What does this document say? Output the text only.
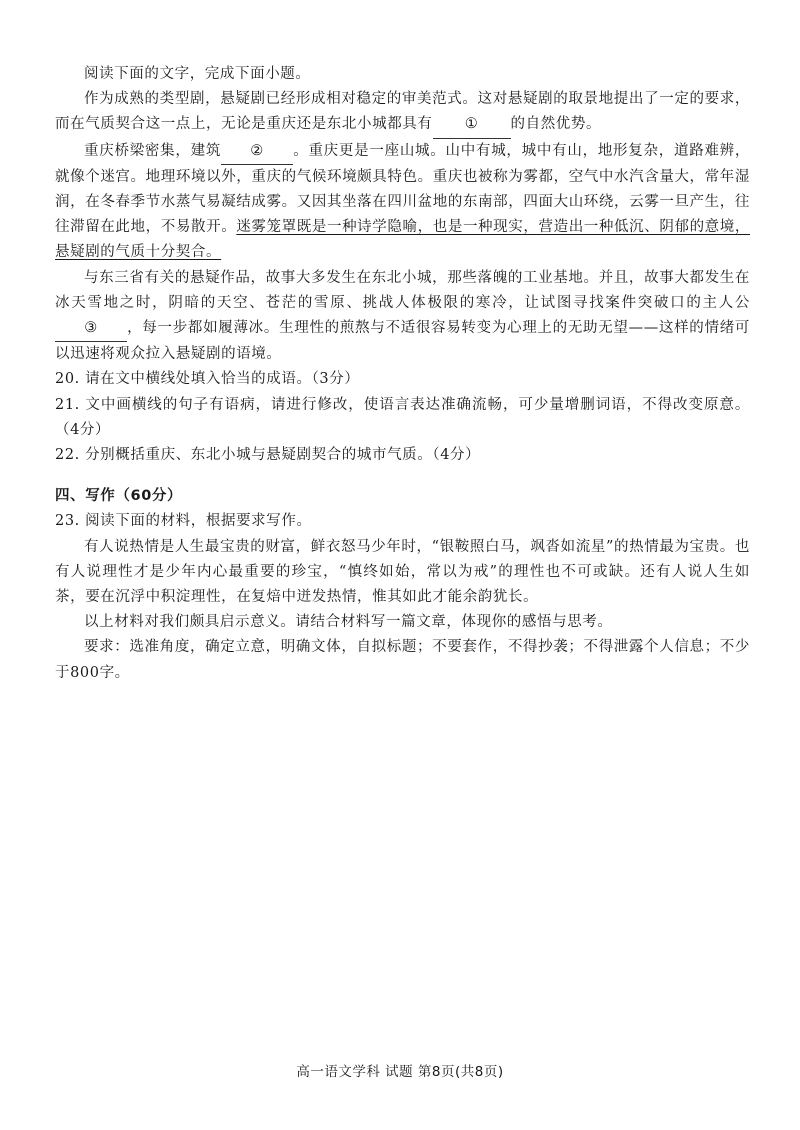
阅读下面的文字，完成下面小题。

作为成熟的类型剧，悬疑剧已经形成相对稳定的审美范式。这对悬疑剧的取景地提出了一定的要求，而在气质契合这一点上，无论是重庆还是东北小城都具有 ① 的自然优势。

重庆桥梁密集，建筑 ② 。重庆更是一座山城。山中有城，城中有山，地形复杂，道路难辨，就像个迷宫。地理环境以外，重庆的气候环境颇具特色。重庆也被称为雾都，空气中水汽含量大，常年湿润，在冬春季节水蒸气易凝结成雾。又因其坐落在四川盆地的东南部，四面大山环绕，云雾一旦产生，往往滞留在此地，不易散开。迷雾笼罩既是一种诗学隐喻，也是一种现实，营造出一种低沉、阴郁的意境，悬疑剧的气质十分契合。

与东三省有关的悬疑作品，故事大多发生在东北小城，那些落魄的工业基地。并且，故事大都发生在冰天雪地之时，阴暗的天空、苍茫的雪原、挑战人体极限的寒冷，让试图寻找案件突破口的主人公③ ，每一步都如履薄冰。生理性的煎熬与不适很容易转变为心理上的无助无望——这样的情绪可以迅速将观众拉入悬疑剧的语境。

20. 请在文中横线处填入恰当的成语。（3分）

21. 文中画横线的句子有语病，请进行修改，使语言表达准确流畅，可少量增删词语，不得改变原意。（4分）

22. 分别概括重庆、东北小城与悬疑剧契合的城市气质。（4分）

四、写作（60分）

23. 阅读下面的材料，根据要求写作。

有人说热情是人生最宝贵的财富，鲜衣怒马少年时，“银鞍照白马，飒沓如流星”的热情最为宝贵。也有人说理性才是少年内心最重要的珍宝，“慎终如始，常以为戒”的理性也不可或缺。还有人说人生如茶，要在沉浮中积淀理性，在复焙中迸发热情，惟其如此才能余韵犹长。

以上材料对我们颇具启示意义。请结合材料写一篇文章，体现你的感悟与思考。

要求：选准角度，确定立意，明确文体，自拟标题；不要套作，不得抄袭；不得泄露个人信息；不少于800字。

高一语文学科 试题 第8页(共8页)
